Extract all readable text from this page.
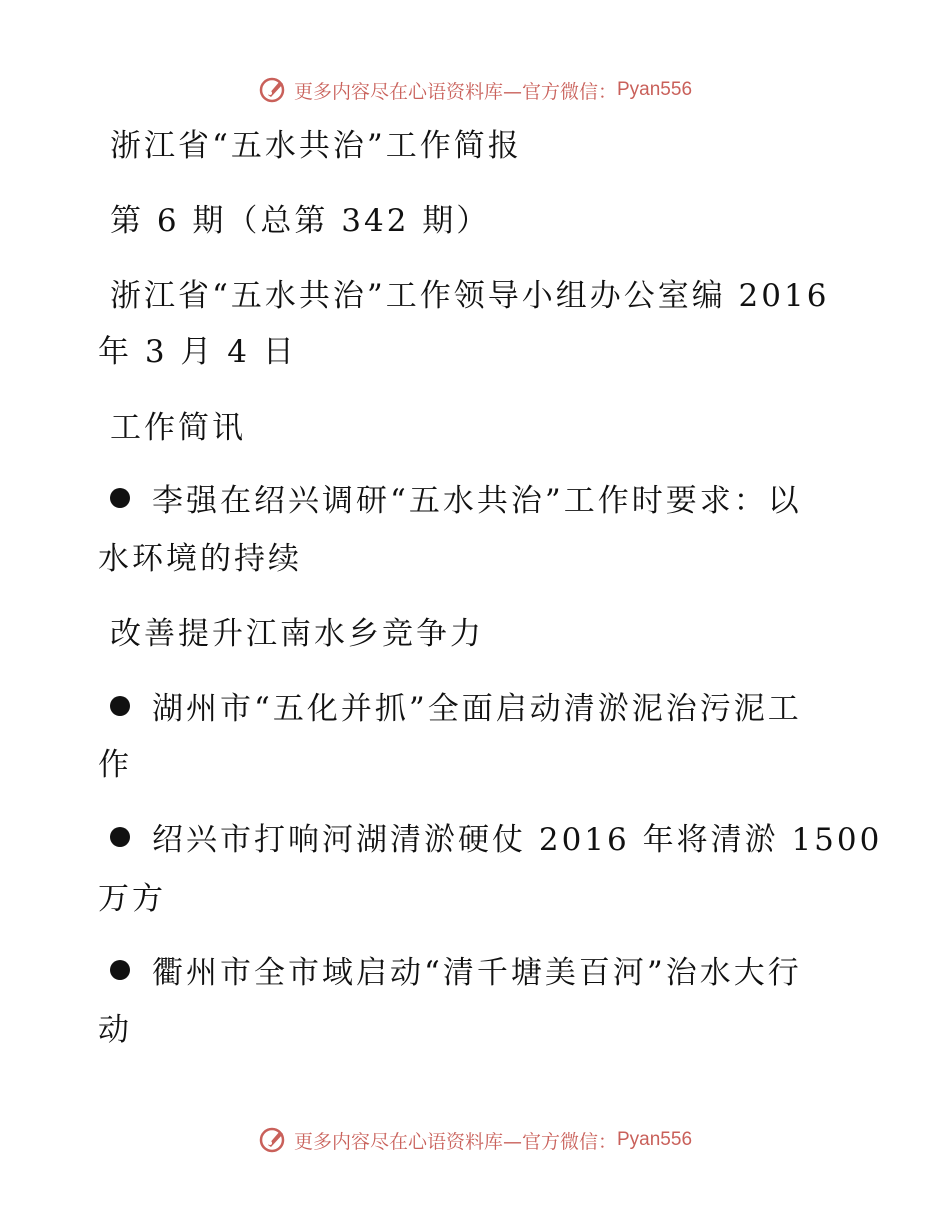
更多内容尽在心语资料库—官方微信： Pyan556
浙江省“五水共治”工作简报
第 6 期（总第 342 期）
浙江省“五水共治”工作领导小组办公室编 2016
年 3 月 4 日
工作简讯
李强在绍兴调研“五水共治”工作时要求：以
水环境的持续
改善提升江南水乡竞争力
湖州市“五化并抓”全面启动清淤泥治污泥工
作
绍兴市打响河湖清淤硬仗 2016 年将清淤 1500
万方
衢州市全市域启动“清千塘美百河”治水大行
动
更多内容尽在心语资料库—官方微信： Pyan556
